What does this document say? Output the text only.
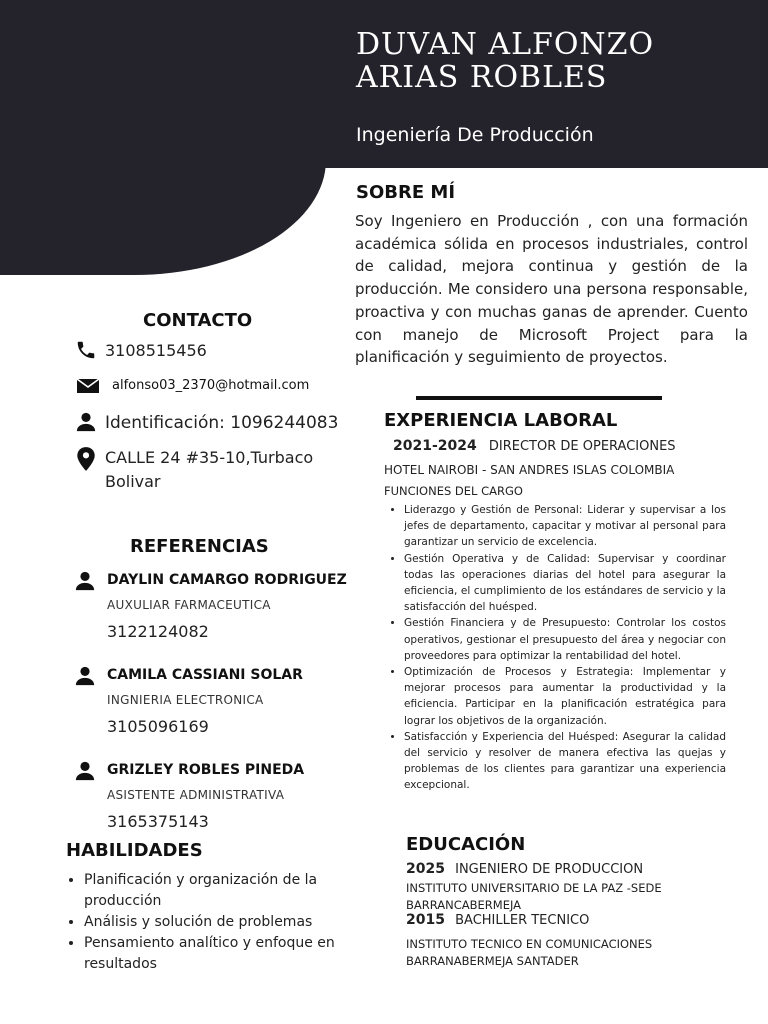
DUVAN ALFONZO
ARIAS ROBLES
Ingeniería De Producción
SOBRE MÍ

Soy Ingeniero en Producción , con una formación académica sólida en procesos industriales, control de calidad, mejora continua y gestión de la producción. Me considero una persona responsable, proactiva y con muchas ganas de aprender. Cuento con manejo de Microsoft Project para la planificación y seguimiento de proyectos.

CONTACTO
3108515456
alfonso03_2370@hotmail.com
Identificación: 1096244083
CALLE 24 #35-10,Turbaco
Bolivar
REFERENCIAS
DAYLIN CAMARGO RODRIGUEZ
AUXULIAR FARMACEUTICA
3122124082
CAMILA CASSIANI SOLAR
INGNIERIA ELECTRONICA
3105096169
GRIZLEY ROBLES PINEDA
ASISTENTE ADMINISTRATIVA
3165375143
HABILIDADES
• Planificación y organización de la producción
• Análisis y solución de problemas
• Pensamiento analítico y enfoque en resultados
EXPERIENCIA LABORAL
2021-2024 DIRECTOR DE OPERACIONES
HOTEL NAIROBI - SAN ANDRES ISLAS COLOMBIA
FUNCIONES DEL CARGO
• Liderazgo y Gestión de Personal: Liderar y supervisar a los jefes de departamento, capacitar y motivar al personal para garantizar un servicio de excelencia.
• Gestión Operativa y de Calidad: Supervisar y coordinar todas las operaciones diarias del hotel para asegurar la eficiencia, el cumplimiento de los estándares de servicio y la satisfacción del huésped.
• Gestión Financiera y de Presupuesto: Controlar los costos operativos, gestionar el presupuesto del área y negociar con proveedores para optimizar la rentabilidad del hotel.
• Optimización de Procesos y Estrategia: Implementar y mejorar procesos para aumentar la productividad y la eficiencia. Participar en la planificación estratégica para lograr los objetivos de la organización.
• Satisfacción y Experiencia del Huésped: Asegurar la calidad del servicio y resolver de manera efectiva las quejas y problemas de los clientes para garantizar una experiencia excepcional.
EDUCACIÓN
2025 INGENIERO DE PRODUCCION
INSTITUTO UNIVERSITARIO DE LA PAZ -SEDE BARRANCABERMEJA
2015 BACHILLER TECNICO
INSTITUTO TECNICO EN COMUNICACIONES BARRANABERMEJA SANTADER
